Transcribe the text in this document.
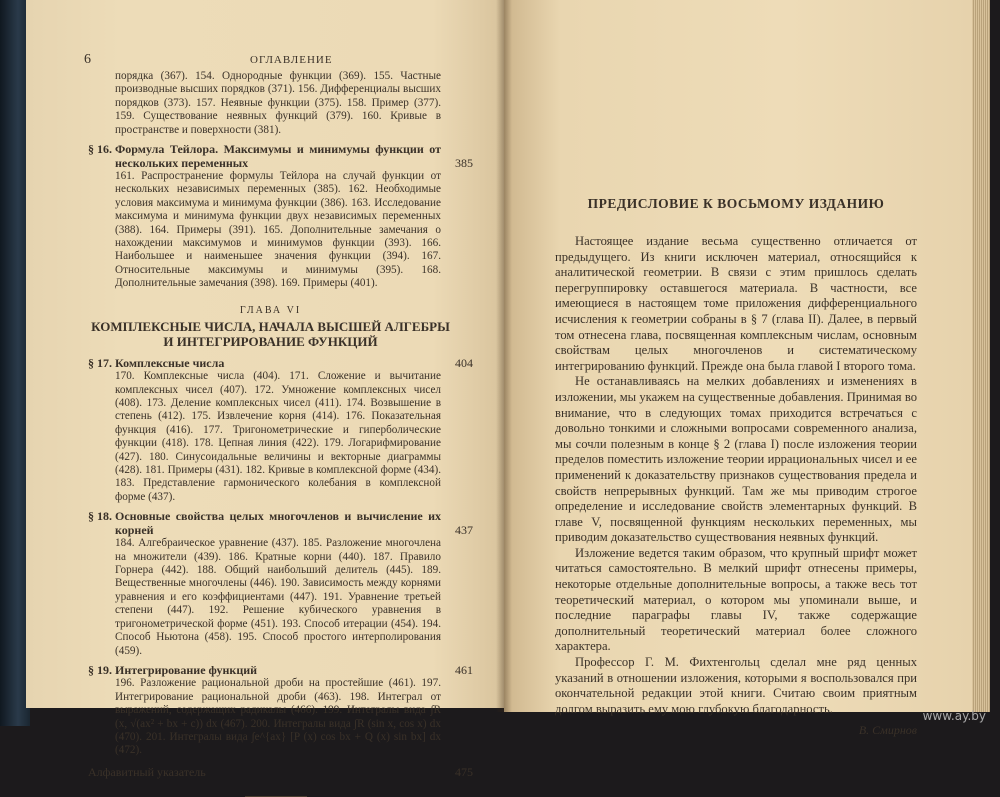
6	ОГЛАВЛЕНИЕ
порядка (367). 154. Однородные функции (369). 155. Частные производные высших порядков (371). 156. Дифференциалы высших порядков (373). 157. Неявные функции (375). 158. Пример (377). 159. Существование неявных функций (379). 160. Кривые в пространстве и поверхности (381).
§ 16. Формула Тейлора. Максимумы и минимумы функции от нескольких переменных	385
161. Распространение формулы Тейлора на случай функции от нескольких независимых переменных (385). 162. Необходимые условия максимума и минимума функции (386). 163. Исследование максимума и минимума функции двух независимых переменных (388). 164. Примеры (391). 165. Дополнительные замечания о нахождении максимумов и минимумов функции (393). 166. Наибольшее и наименьшее значения функции (394). 167. Относительные максимумы и минимумы (395). 168. Дополнительные замечания (398). 169. Примеры (401).
ГЛАВА VI
КОМПЛЕКСНЫЕ ЧИСЛА, НАЧАЛА ВЫСШЕЙ АЛГЕБРЫ
И ИНТЕГРИРОВАНИЕ ФУНКЦИЙ
§ 17. Комплексные числа	404
170. Комплексные числа (404). 171. Сложение и вычитание комплексных чисел (407). 172. Умножение комплексных чисел (408). 173. Деление комплексных чисел (411). 174. Возвышение в степень (412). 175. Извлечение корня (414). 176. Показательная функция (416). 177. Тригонометрические и гиперболические функции (418). 178. Цепная линия (422). 179. Логарифмирование (427). 180. Синусоидальные величины и векторные диаграммы (428). 181. Примеры (431). 182. Кривые в комплексной форме (434). 183. Представление гармонического колебания в комплексной форме (437).
§ 18. Основные свойства целых многочленов и вычисление их корней	437
184. Алгебраическое уравнение (437). 185. Разложение многочлена на множители (439). 186. Кратные корни (440). 187. Правило Горнера (442). 188. Общий наибольший делитель (445). 189. Вещественные многочлены (446). 190. Зависимость между корнями уравнения и его коэффициентами (447). 191. Уравнение третьей степени (447). 192. Решение кубического уравнения в тригонометрической форме (451). 193. Способ итерации (454). 194. Способ Ньютона (458). 195. Способ простого интерполирования (459).
§ 19. Интегрирование функций	461
196. Разложение рациональной дроби на простейшие (461). 197. Интегрирование рациональной дроби (463). 198. Интеграл от выражений, содержащих радикалы (466). 199. Интегралы вида ∫R (x, √(ax² + bx + c)) dx (467). 200. Интегралы вида ∫R (sin x, cos x) dx (470). 201. Интегралы вида ∫e^{ax} [P (x) cos bx + Q (x) sin bx] dx (472).
Алфавитный указатель	475
ПРЕДИСЛОВИЕ К ВОСЬМОМУ ИЗДАНИЮ

Настоящее издание весьма существенно отличается от предыдущего. Из книги исключен материал, относящийся к аналитической геометрии. В связи с этим пришлось сделать перегруппировку оставшегося материала. В частности, все имеющиеся в настоящем томе приложения дифференциального исчисления к геометрии собраны в § 7 (глава II). Далее, в первый том отнесена глава, посвященная комплексным числам, основным свойствам целых многочленов и систематическому интегрированию функций. Прежде она была главой I второго тома.

Не останавливаясь на мелких добавлениях и изменениях в изложении, мы укажем на существенные добавления. Принимая во внимание, что в следующих томах приходится встречаться с довольно тонкими и сложными вопросами современного анализа, мы сочли полезным в конце § 2 (глава I) после изложения теории пределов поместить изложение теории иррациональных чисел и ее применений к доказательству признаков существования предела и свойств непрерывных функций. Там же мы приводим строгое определение и исследование свойств элементарных функций. В главе V, посвященной функциям нескольких переменных, мы приводим доказательство существования неявных функций.

Изложение ведется таким образом, что крупный шрифт может читаться самостоятельно. В мелкий шрифт отнесены примеры, некоторые отдельные дополнительные вопросы, а также весь тот теоретический материал, о котором мы упоминали выше, и последние параграфы главы IV, также содержащие дополнительный теоретический материал более сложного характера.

Профессор Г. М. Фихтенгольц сделал мне ряд ценных указаний в отношении изложения, которыми я воспользовался при окончательной редакции этой книги. Считаю своим приятным долгом выразить ему мою глубокую благодарность.

В. Смирнов
www.ay.by
